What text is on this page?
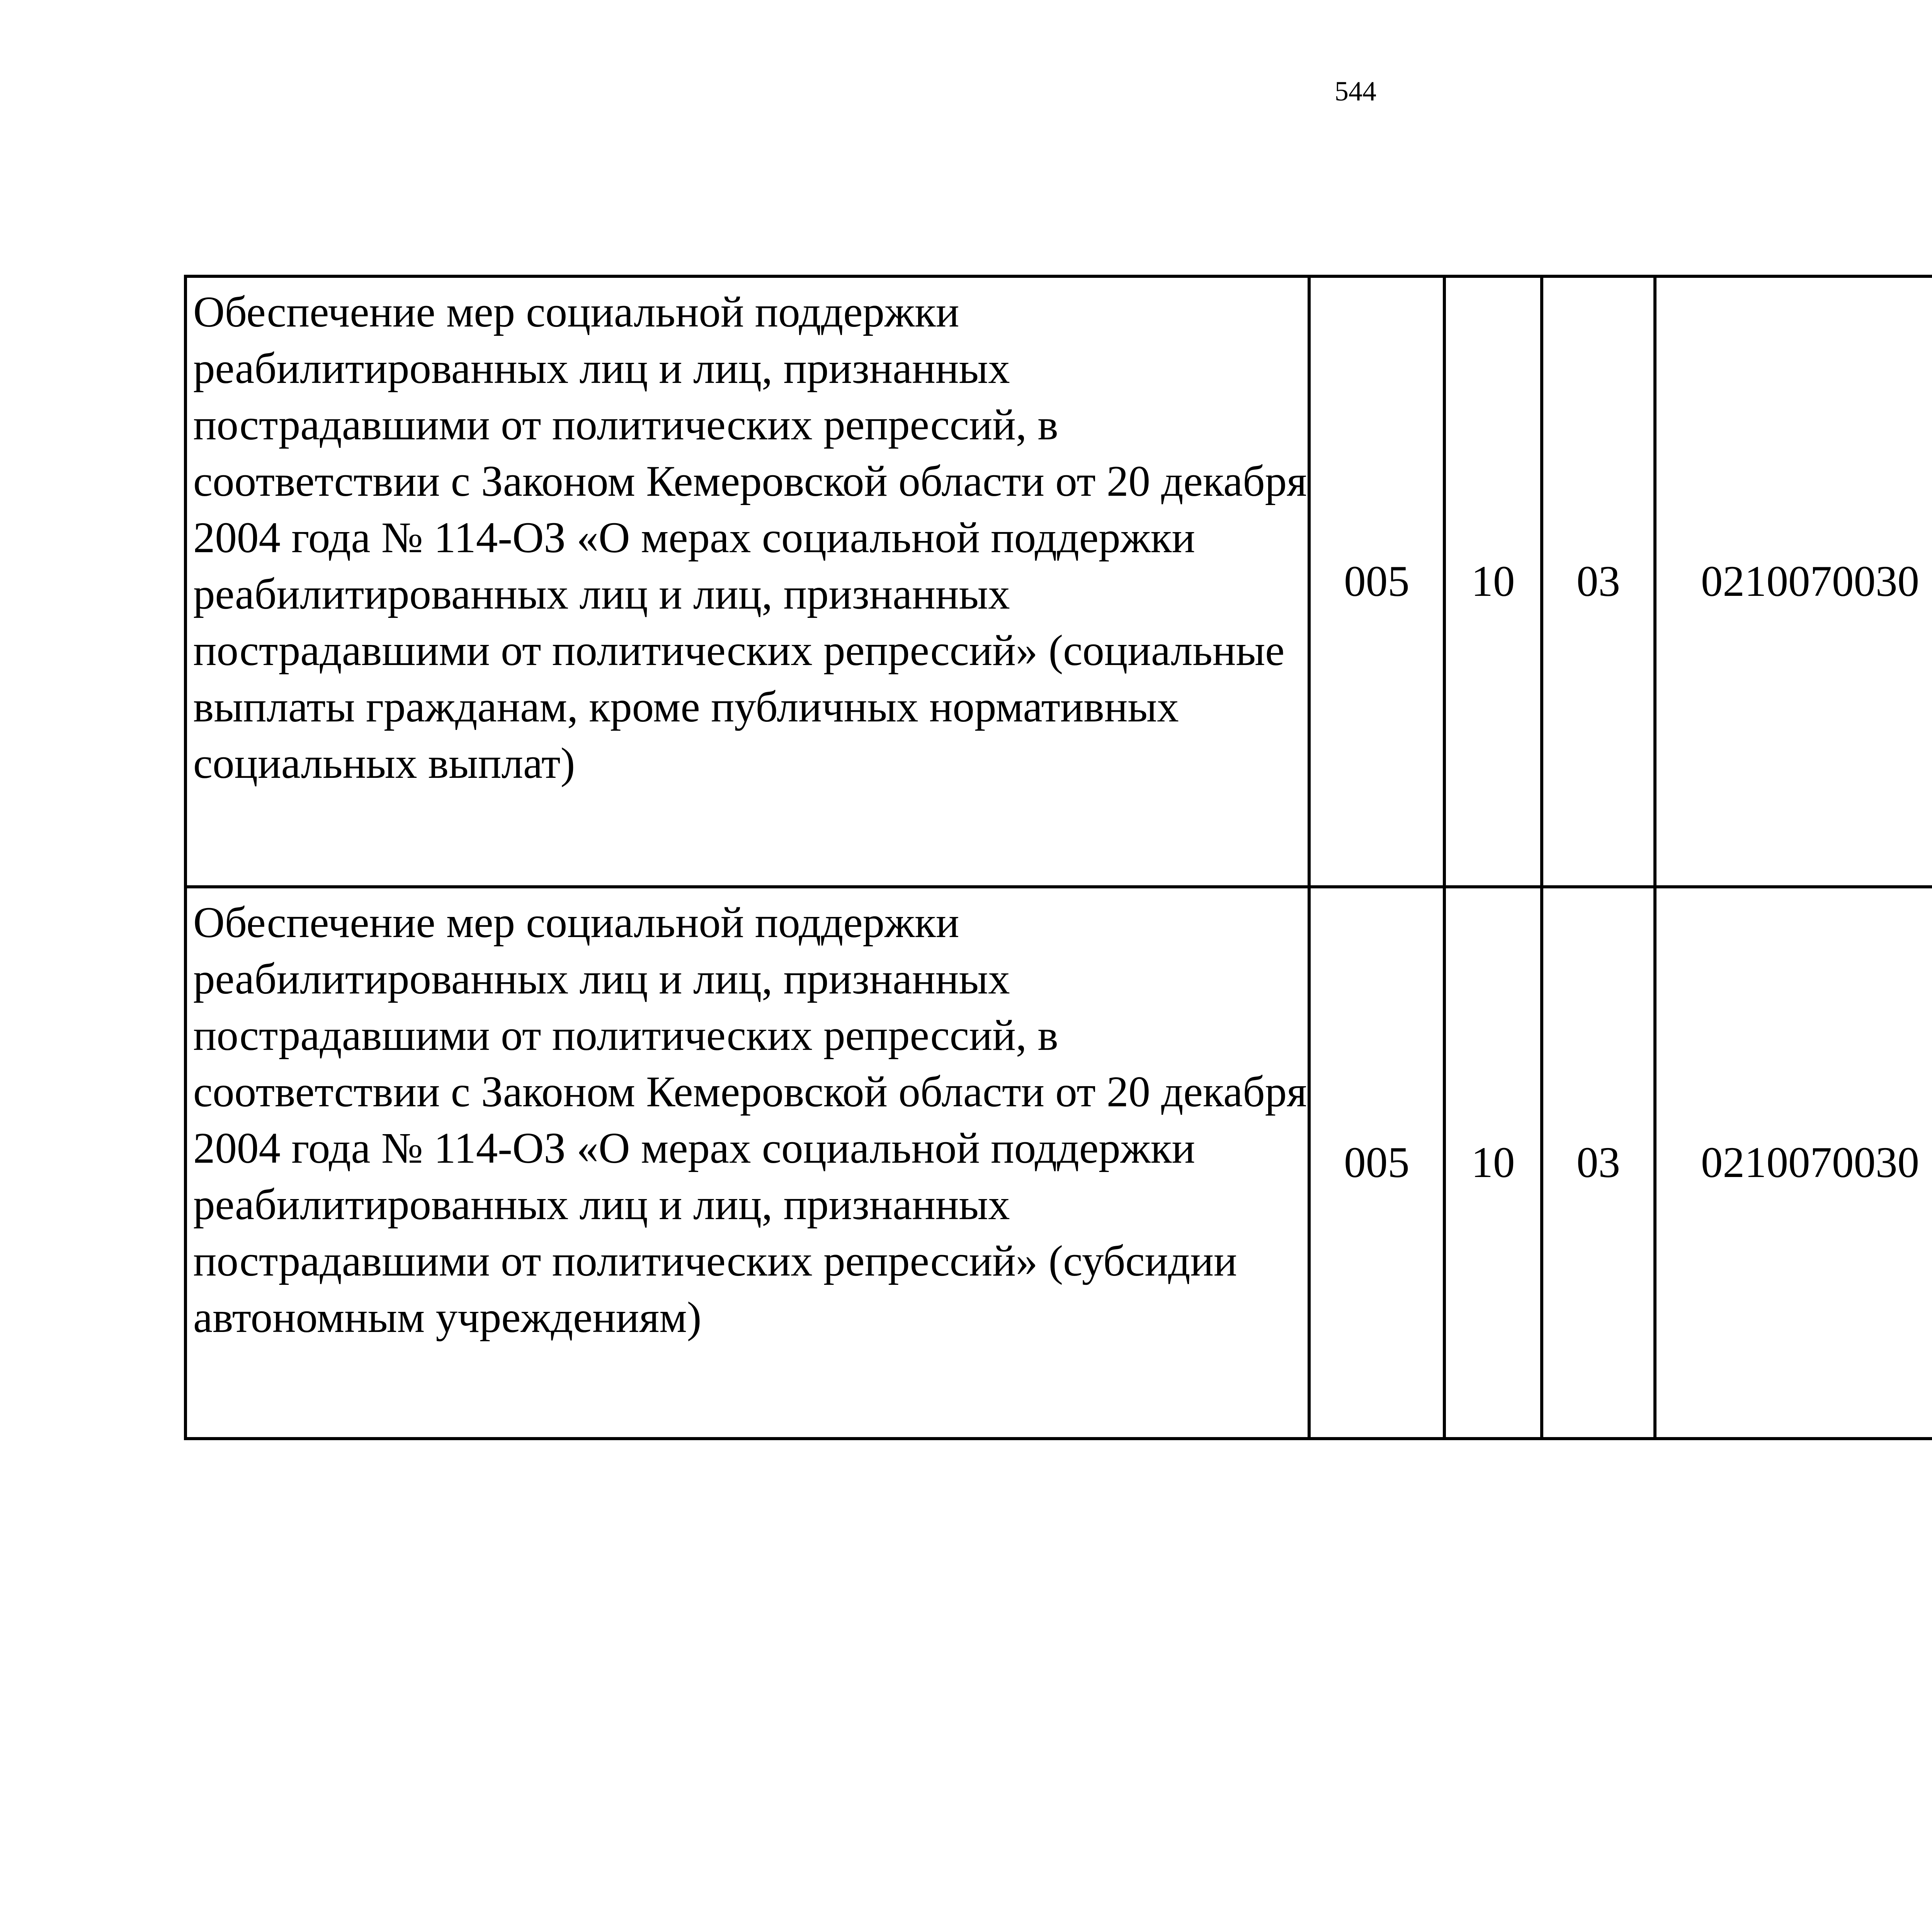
544
Обеспечение мер социальной поддержки реабилитированных лиц и лиц, признанных пострадавшими от политических репрессий, в соответствии с Законом Кемеровской области от 20 декабря 2004 года № 114-ОЗ «О мерах социальной поддержки реабилитированных лиц и лиц, признанных пострадавшими от политических репрессий» (социальные выплаты гражданам, кроме публичных нормативных социальных выплат)	005	10	03	0210070030		

Обеспечение мер социальной поддержки реабилитированных лиц и лиц, признанных пострадавшими от политических репрессий, в соответствии с Законом Кемеровской области от 20 декабря 2004 года № 114-ОЗ «О мерах социальной поддержки реабилитированных лиц и лиц, признанных пострадавшими от политических репрессий» (субсидии автономным учреждениям)	005	10	03	0210070030		
